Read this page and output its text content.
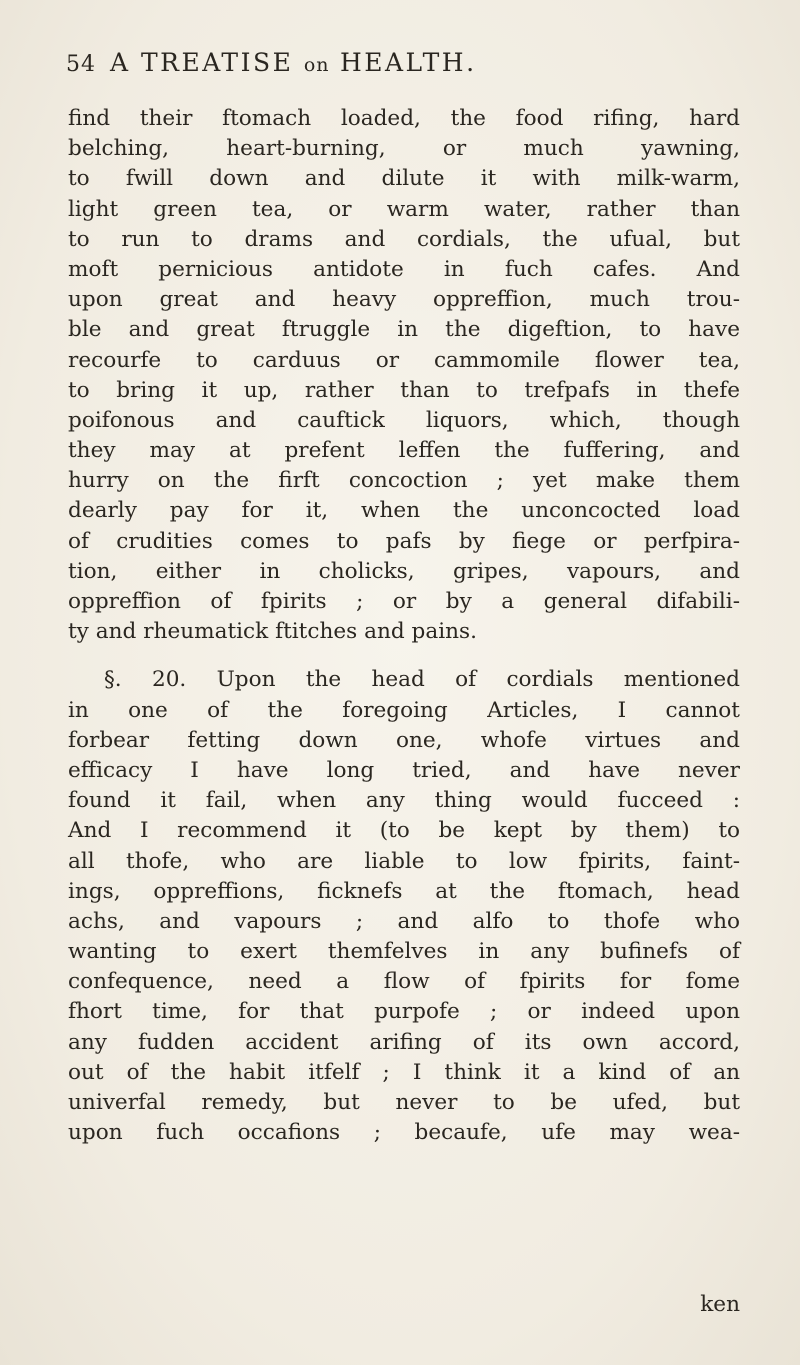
54 A TREATISE on HEALTH.
find their ftomach loaded, the food rifing, hard
belching, heart-burning, or much yawning,
to fwill down and dilute it with milk-warm,
light green tea, or warm water, rather than
to run to drams and cordials, the ufual, but
moft pernicious antidote in fuch cafes. And
upon great and heavy oppreffion, much trou-
ble and great ftruggle in the digeftion, to have
recourfe to carduus or cammomile flower tea,
to bring it up, rather than to trefpafs in thefe
poifonous and cauftick liquors, which, though
they may at prefent leffen the fuffering, and
hurry on the firft concoction ; yet make them
dearly pay for it, when the unconcocted load
of crudities comes to pafs by fiege or perfpira-
tion, either in cholicks, gripes, vapours, and
oppreffion of fpirits ; or by a general difabili-
ty and rheumatick ftitches and pains.
§. 20. Upon the head of cordials mentioned
in one of the foregoing Articles, I cannot
forbear fetting down one, whofe virtues and
efficacy I have long tried, and have never
found it fail, when any thing would fucceed :
And I recommend it (to be kept by them) to
all thofe, who are liable to low fpirits, faint-
ings, oppreffions, ficknefs at the ftomach, head
achs, and vapours ; and alfo to thofe who
wanting to exert themfelves in any bufinefs of
confequence, need a flow of fpirits for fome
fhort time, for that purpofe ; or indeed upon
any fudden accident arifing of its own accord,
out of the habit itfelf ; I think it a kind of an
univerfal remedy, but never to be ufed, but
upon fuch occafions ; becaufe, ufe may wea-
ken
